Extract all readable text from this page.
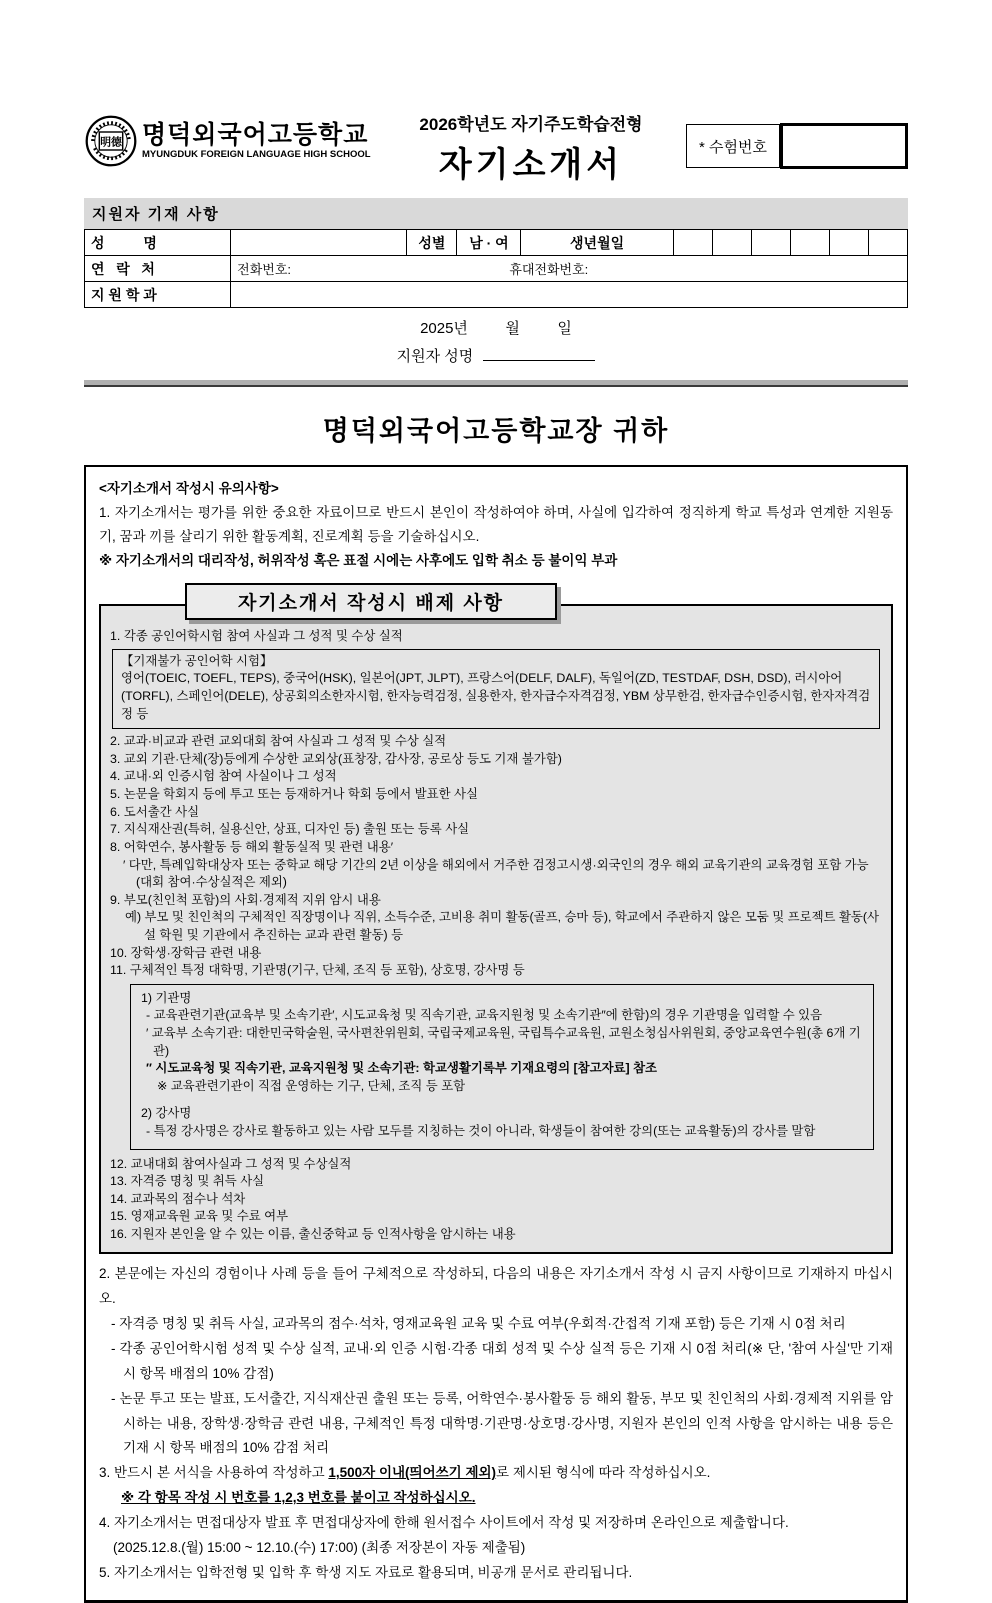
明德 명덕외국어고등학교
MYUNGDUK FOREIGN LANGUAGE HIGH SCHOOL
2026학년도 자기주도학습전형
자기소개서	* 수험번호
지원자 기재 사항
성          명		성별	남 · 여	생년월일						
연   락   처	전화번호: 휴대전화번호:									

지 원 학 과										
2025년         월         일
지원자 성명
명덕외국어고등학교장 귀하
<자기소개서 작성시 유의사항>

1. 자기소개서는 평가를 위한 중요한 자료이므로 반드시 본인이 작성하여야 하며, 사실에 입각하여 정직하게 학교 특성과 연계한 지원동기, 꿈과 끼를 살리기 위한 활동계획, 진로계획 등을 기술하십시오.

※ 자기소개서의 대리작성, 허위작성 혹은 표절 시에는 사후에도 입학 취소 등 불이익 부과

자기소개서 작성시 배제 사항
1. 각종 공인어학시험 참여 사실과 그 성적 및 수상 실적
【기재불가 공인어학 시험】
영어(TOEIC, TOEFL, TEPS), 중국어(HSK), 일본어(JPT, JLPT), 프랑스어(DELF, DALF), 독일어(ZD, TESTDAF, DSH, DSD), 러시아어(TORFL), 스페인어(DELE), 상공회의소한자시험, 한자능력검정, 실용한자, 한자급수자격검정, YBM 상무한검, 한자급수인증시험, 한자자격검정 등
2. 교과·비교과 관련 교외대회 참여 사실과 그 성적 및 수상 실적
3. 교외 기관·단체(장)등에게 수상한 교외상(표창장, 감사장, 공로상 등도 기재 불가함)
4. 교내·외 인증시험 참여 사실이나 그 성적
5. 논문을 학회지 등에 투고 또는 등재하거나 학회 등에서 발표한 사실
6. 도서출간 사실
7. 지식재산권(특허, 실용신안, 상표, 디자인 등) 출원 또는 등록 사실
8. 어학연수, 봉사활동 등 해외 활동실적 및 관련 내용′
′ 다만, 특례입학대상자 또는 중학교 해당 기간의 2년 이상을 해외에서 거주한 검정고시생·외국인의 경우 해외 교육기관의 교육경험 포함 가능(대회 참여·수상실적은 제외)
9. 부모(친인척 포함)의 사회·경제적 지위 암시 내용
예) 부모 및 친인척의 구체적인 직장명이나 직위, 소득수준, 고비용 취미 활동(골프, 승마 등), 학교에서 주관하지 않은 모둠 및 프로젝트 활동(사설 학원 및 기관에서 추진하는 교과 관련 활동) 등
10. 장학생·장학금 관련 내용
11. 구체적인 특정 대학명, 기관명(기구, 단체, 조직 등 포함), 상호명, 강사명 등
1) 기관명
- 교육관련기관(교육부 및 소속기관′, 시도교육청 및 직속기관, 교육지원청 및 소속기관″에 한함)의 경우 기관명을 입력할 수 있음
′ 교육부 소속기관: 대한민국학술원, 국사편찬위원회, 국립국제교육원, 국립특수교육원, 교원소청심사위원회, 중앙교육연수원(총 6개 기관)
″ 시도교육청 및 직속기관, 교육지원청 및 소속기관: 학교생활기록부 기재요령의 [참고자료] 참조
※ 교육관련기관이 직접 운영하는 기구, 단체, 조직 등 포함
2) 강사명
- 특정 강사명은 강사로 활동하고 있는 사람 모두를 지칭하는 것이 아니라, 학생들이 참여한 강의(또는 교육활동)의 강사를 말함
12. 교내대회 참여사실과 그 성적 및 수상실적
13. 자격증 명칭 및 취득 사실
14. 교과목의 점수나 석차
15. 영재교육원 교육 및 수료 여부
16. 지원자 본인을 알 수 있는 이름, 출신중학교 등 인적사항을 암시하는 내용
2. 본문에는 자신의 경험이나 사례 등을 들어 구체적으로 작성하되, 다음의 내용은 자기소개서 작성 시 금지 사항이므로 기재하지 마십시오.
- 자격증 명칭 및 취득 사실, 교과목의 점수·석차, 영재교육원 교육 및 수료 여부(우회적·간접적 기재 포함) 등은 기재 시 0점 처리
- 각종 공인어학시험 성적 및 수상 실적, 교내·외 인증 시험·각종 대회 성적 및 수상 실적 등은 기재 시 0점 처리(※ 단, '참여 사실'만 기재 시 항목 배점의 10% 감점)
- 논문 투고 또는 발표, 도서출간, 지식재산권 출원 또는 등록, 어학연수·봉사활동 등 해외 활동, 부모 및 친인척의 사회·경제적 지위를 암시하는 내용, 장학생·장학금 관련 내용, 구체적인 특정 대학명·기관명·상호명·강사명, 지원자 본인의 인적 사항을 암시하는 내용 등은 기재 시 항목 배점의 10% 감점 처리
3. 반드시 본 서식을 사용하여 작성하고 1,500자 이내(띄어쓰기 제외)로 제시된 형식에 따라 작성하십시오.
※ 각 항목 작성 시 번호를 1,2,3 번호를 붙이고 작성하십시오.
4. 자기소개서는 면접대상자 발표 후 면접대상자에 한해 원서접수 사이트에서 작성 및 저장하며 온라인으로 제출합니다.
(2025.12.8.(월) 15:00 ~ 12.10.(수) 17:00) (최종 저장본이 자동 제출됨)
5. 자기소개서는 입학전형 및 입학 후 학생 지도 자료로 활용되며, 비공개 문서로 관리됩니다.
